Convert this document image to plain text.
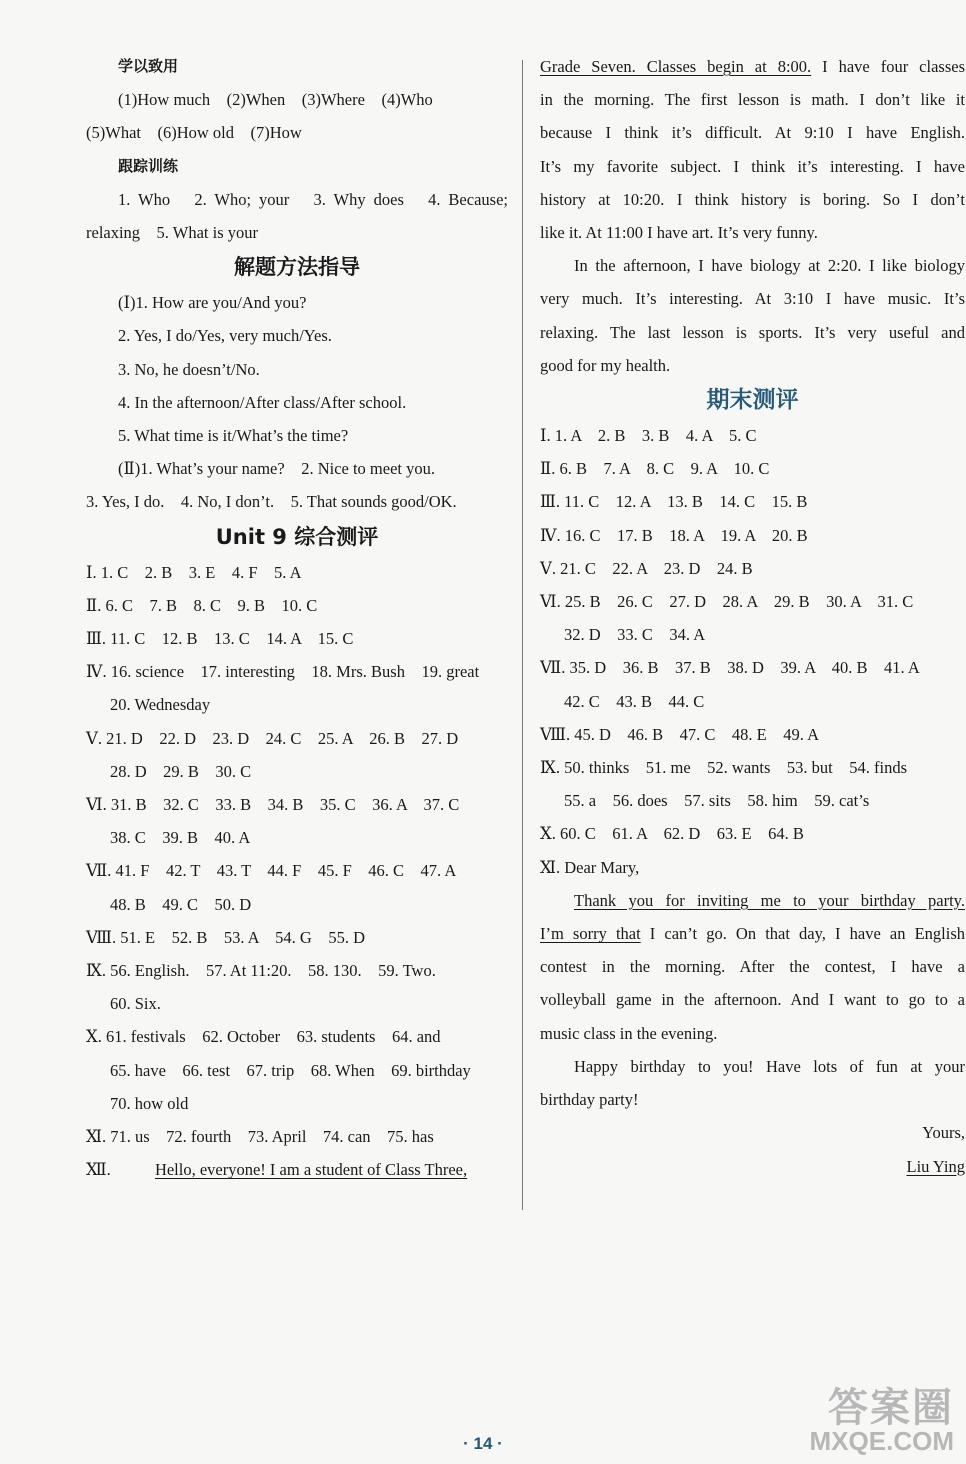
学以致用
(1)How much　(2)When　(3)Where　(4)Who
(5)What　(6)How old　(7)How
跟踪训练
1. Who　2. Who; your　3. Why does　4. Because;
relaxing　5. What is your
解题方法指导
(Ⅰ)1. How are you/And you?
2. Yes, I do/Yes, very much/Yes.
3. No, he doesn’t/No.
4. In the afternoon/After class/After school.
5. What time is it/What’s the time?
(Ⅱ)1. What’s your name?　2. Nice to meet you.
3. Yes, I do.　4. No, I don’t.　5. That sounds good/OK.
Unit 9 综合测评
Ⅰ. 1. C　2. B　3. E　4. F　5. A
Ⅱ. 6. C　7. B　8. C　9. B　10. C
Ⅲ. 11. C　12. B　13. C　14. A　15. C
Ⅳ. 16. science　17. interesting　18. Mrs. Bush　19. great
20. Wednesday
Ⅴ. 21. D　22. D　23. D　24. C　25. A　26. B　27. D
28. D　29. B　30. C
Ⅵ. 31. B　32. C　33. B　34. B　35. C　36. A　37. C
38. C　39. B　40. A
Ⅶ. 41. F　42. T　43. T　44. F　45. F　46. C　47. A
48. B　49. C　50. D
Ⅷ. 51. E　52. B　53. A　54. G　55. D
Ⅸ. 56. English.　57. At 11:20.　58. 130.　59. Two.
60. Six.
Ⅹ. 61. festivals　62. October　63. students　64. and
65. have　66. test　67. trip　68. When　69. birthday
70. how old
Ⅺ. 71. us　72. fourth　73. April　74. can　75. has
Ⅻ.	Hello, everyone! I am a student of Class Three,
Grade Seven. Classes begin at 8:00. I have four classes
in the morning. The first lesson is math. I don’t like it
because I think it’s difficult. At 9:10 I have English.
It’s my favorite subject. I think it’s interesting. I have
history at 10:20. I think history is boring. So I don’t
like it. At 11:00 I have art. It’s very funny.
In the afternoon, I have biology at 2:20. I like biology
very much. It’s interesting. At 3:10 I have music. It’s
relaxing. The last lesson is sports. It’s very useful and
good for my health.
期末测评
Ⅰ. 1. A　2. B　3. B　4. A　5. C
Ⅱ. 6. B　7. A　8. C　9. A　10. C
Ⅲ. 11. C　12. A　13. B　14. C　15. B
Ⅳ. 16. C　17. B　18. A　19. A　20. B
Ⅴ. 21. C　22. A　23. D　24. B
Ⅵ. 25. B　26. C　27. D　28. A　29. B　30. A　31. C
32. D　33. C　34. A
Ⅶ. 35. D　36. B　37. B　38. D　39. A　40. B　41. A
42. C　43. B　44. C
Ⅷ. 45. D　46. B　47. C　48. E　49. A
Ⅸ. 50. thinks　51. me　52. wants　53. but　54. finds
55. a　56. does　57. sits　58. him　59. cat’s
Ⅹ. 60. C　61. A　62. D　63. E　64. B
Ⅺ. Dear Mary,
Thank you for inviting me to your birthday party.
I’m sorry that I can’t go. On that day, I have an English
contest in the morning. After the contest, I have a
volleyball game in the afternoon. And I want to go to a
music class in the evening.
Happy birthday to you! Have lots of fun at your
birthday party!
Yours,
Liu Ying
· 14 ·
答案圈
MXQE.COM
